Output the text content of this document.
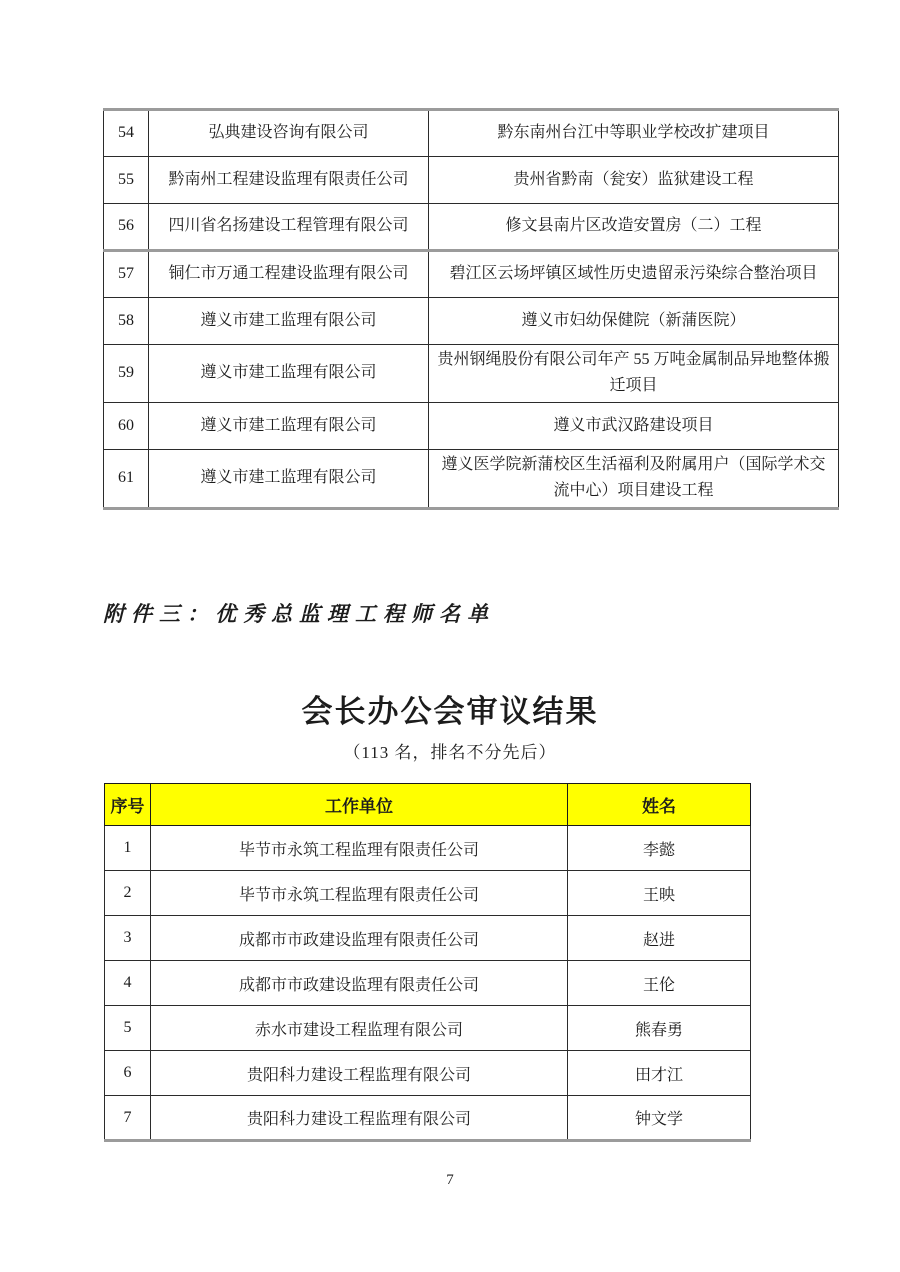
54	弘典建设咨询有限公司	黔东南州台江中等职业学校改扩建项目
55	黔南州工程建设监理有限责任公司	贵州省黔南（瓮安）监狱建设工程
56	四川省名扬建设工程管理有限公司	修文县南片区改造安置房（二）工程
57	铜仁市万通工程建设监理有限公司	碧江区云场坪镇区域性历史遗留汞污染综合整治项目
58	遵义市建工监理有限公司	遵义市妇幼保健院（新蒲医院）
59	遵义市建工监理有限公司	贵州钢绳股份有限公司年产 55 万吨金属制品异地整体搬迁项目
60	遵义市建工监理有限公司	遵义市武汉路建设项目
61	遵义市建工监理有限公司	遵义医学院新蒲校区生活福利及附属用户（国际学术交流中心）项目建设工程
附件三：优秀总监理工程师名单
会长办公会审议结果
（113 名，排名不分先后）
序号	工作单位	姓名
1	毕节市永筑工程监理有限责任公司	李懿
2	毕节市永筑工程监理有限责任公司	王映
3	成都市市政建设监理有限责任公司	赵进
4	成都市市政建设监理有限责任公司	王伦
5	赤水市建设工程监理有限公司	熊春勇
6	贵阳科力建设工程监理有限公司	田才江
7	贵阳科力建设工程监理有限公司	钟文学
7
